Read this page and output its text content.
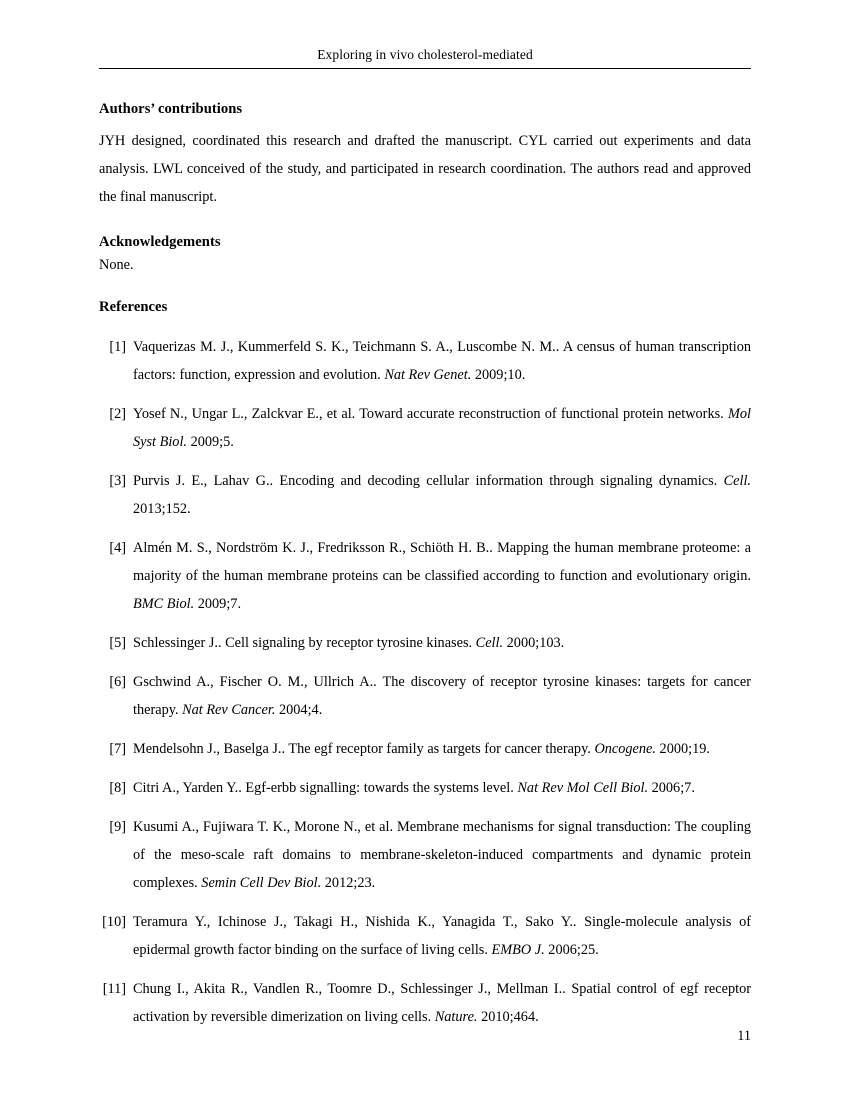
Exploring in vivo cholesterol-mediated
Authors’ contributions

JYH designed, coordinated this research and drafted the manuscript. CYL carried out experiments and data analysis. LWL conceived of the study, and participated in research coordination. The authors read and approved the final manuscript.

Acknowledgements

None.

References
[1] Vaquerizas M. J., Kummerfeld S. K., Teichmann S. A., Luscombe N. M.. A census of human transcription factors: function, expression and evolution. Nat Rev Genet. 2009;10.
[2] Yosef N., Ungar L., Zalckvar E., et al. Toward accurate reconstruction of functional protein networks. Mol Syst Biol. 2009;5.
[3] Purvis J. E., Lahav G.. Encoding and decoding cellular information through signaling dynamics. Cell. 2013;152.
[4] Almén M. S., Nordström K. J., Fredriksson R., Schiöth H. B.. Mapping the human membrane proteome: a majority of the human membrane proteins can be classified according to function and evolutionary origin. BMC Biol. 2009;7.
[5] Schlessinger J.. Cell signaling by receptor tyrosine kinases. Cell. 2000;103.
[6] Gschwind A., Fischer O. M., Ullrich A.. The discovery of receptor tyrosine kinases: targets for cancer therapy. Nat Rev Cancer. 2004;4.
[7] Mendelsohn J., Baselga J.. The egf receptor family as targets for cancer therapy. Oncogene. 2000;19.
[8] Citri A., Yarden Y.. Egf-erbb signalling: towards the systems level. Nat Rev Mol Cell Biol. 2006;7.
[9] Kusumi A., Fujiwara T. K., Morone N., et al. Membrane mechanisms for signal transduction: The coupling of the meso-scale raft domains to membrane-skeleton-induced compartments and dynamic protein complexes. Semin Cell Dev Biol. 2012;23.
[10] Teramura Y., Ichinose J., Takagi H., Nishida K., Yanagida T., Sako Y.. Single-molecule analysis of epidermal growth factor binding on the surface of living cells. EMBO J. 2006;25.
[11] Chung I., Akita R., Vandlen R., Toomre D., Schlessinger J., Mellman I.. Spatial control of egf receptor activation by reversible dimerization on living cells. Nature. 2010;464.
11
